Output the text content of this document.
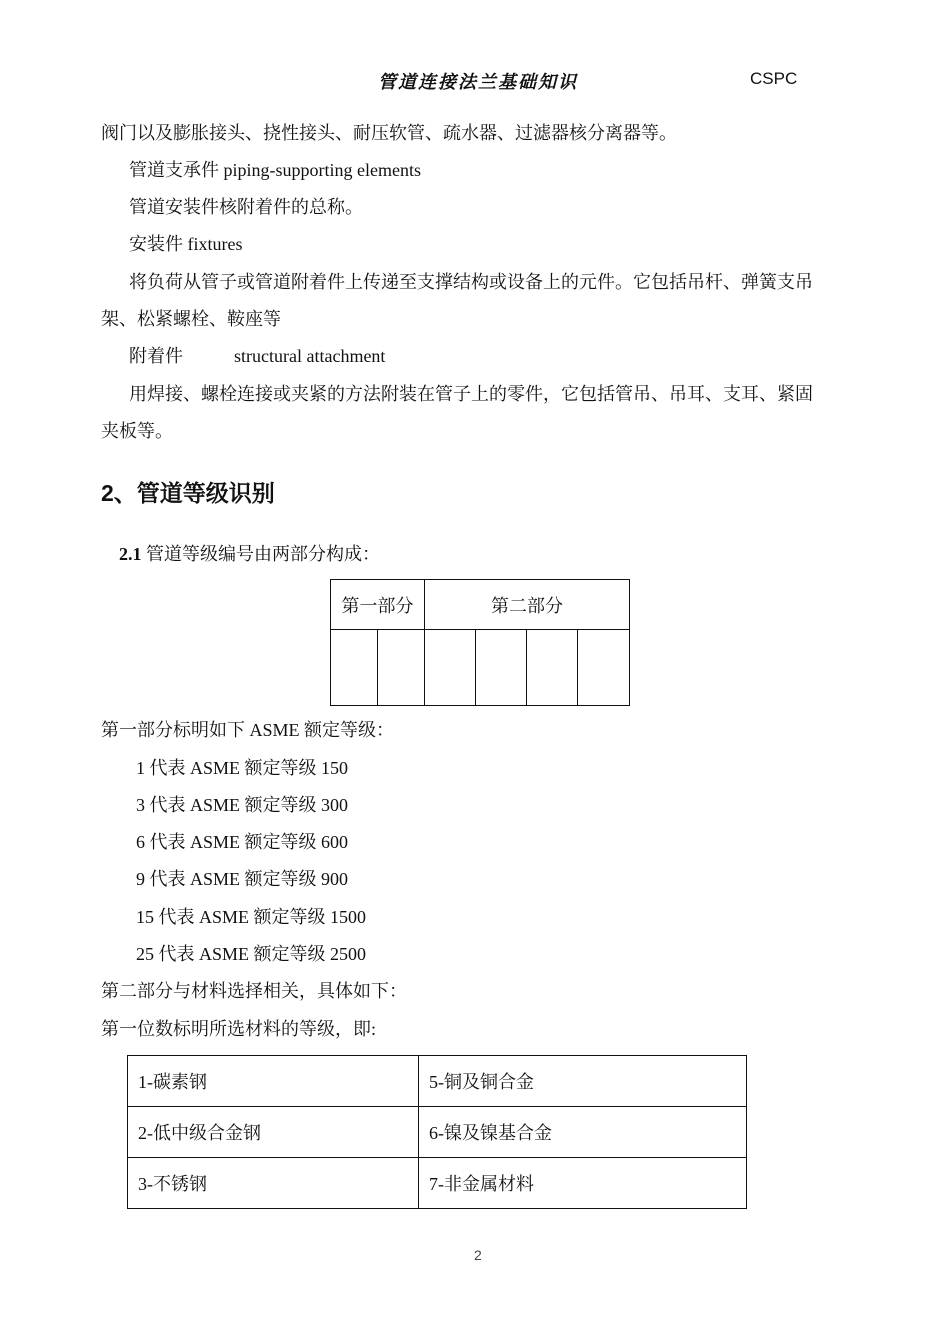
管道连接法兰基础知识	CSPC
阀门以及膨胀接头、挠性接头、耐压软管、疏水器、过滤器核分离器等。
管道支承件 piping-supporting elements
管道安装件核附着件的总称。
安装件 fixtures
将负荷从管子或管道附着件上传递至支撑结构或设备上的元件。它包括吊杆、弹簧支吊
架、松紧螺栓、鞍座等
附着件	structural attachment
用焊接、螺栓连接或夹紧的方法附装在管子上的零件，它包括管吊、吊耳、支耳、紧固
夹板等。
2、管道等级识别
2.1 管道等级编号由两部分构成：
第一部分		第二部分			

第一部分标明如下 ASME 额定等级：
1 代表 ASME 额定等级 150
3 代表 ASME 额定等级 300
6 代表 ASME 额定等级 600
9 代表 ASME 额定等级 900
15 代表 ASME 额定等级 1500
25 代表 ASME 额定等级 2500
第二部分与材料选择相关，具体如下：
第一位数标明所选材料的等级，即:
1-碳素钢	5-铜及铜合金
2-低中级合金钢	6-镍及镍基合金
3-不锈钢	7-非金属材料
2
